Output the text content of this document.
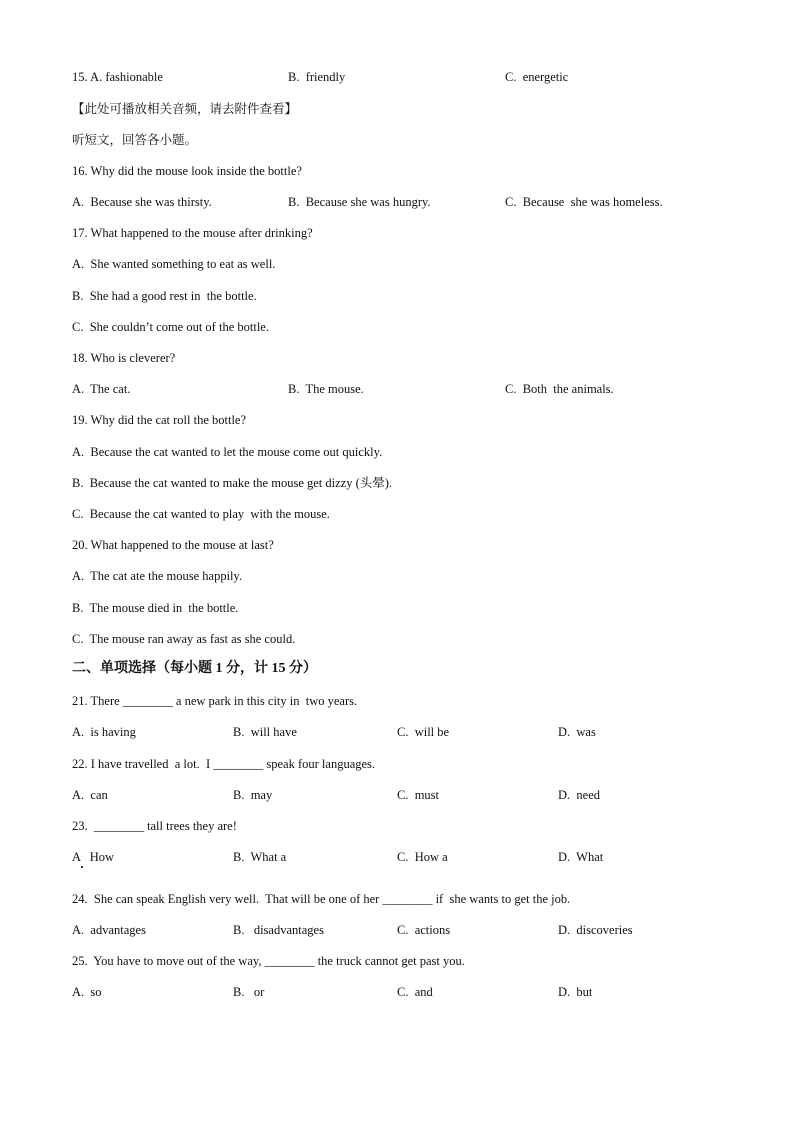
15. A. fashionable	B.  friendly	C.  energetic
【此处可播放相关音频，请去附件查看】
听短文，回答各小题。
16. Why did the mouse look inside the bottle?
A.  Because she was thirsty.	B.  Because she was hungry.	C.  Because  she was homeless.
17. What happened to the mouse after drinking?
A.  She wanted something to eat as well.
B.  She had a good rest in  the bottle.
C.  She couldn’t come out of the bottle.
18. Who is cleverer?
A.  The cat.	B.  The mouse.	C.  Both  the animals.
19. Why did the cat roll the bottle?
A.  Because the cat wanted to let the mouse come out quickly.
B.  Because the cat wanted to make the mouse get dizzy (头晕).
C.  Because the cat wanted to play  with the mouse.
20. What happened to the mouse at last?
A.  The cat ate the mouse happily.
B.  The mouse died in  the bottle.
C.  The mouse ran away as fast as she could.
二、单项选择（每小题 1 分，计 15 分）
21. There ________ a new park in this city in  two years.
A.  is having	B.  will have	C.  will be	D.  was
22. I have travelled  a lot.  I ________ speak four languages.
A.  can	B.  may	C.  must	D.  need
23.  ________ tall trees they are!
A   How	B.  What a	C.  How a	D.  What
24.  She can speak English very well.  That will be one of her ________ if  she wants to get the job.
A.  advantages	B.   disadvantages	C.  actions	D.  discoveries
25.  You have to move out of the way, ________ the truck cannot get past you.
A.  so	B.   or	C.  and	D.  but
